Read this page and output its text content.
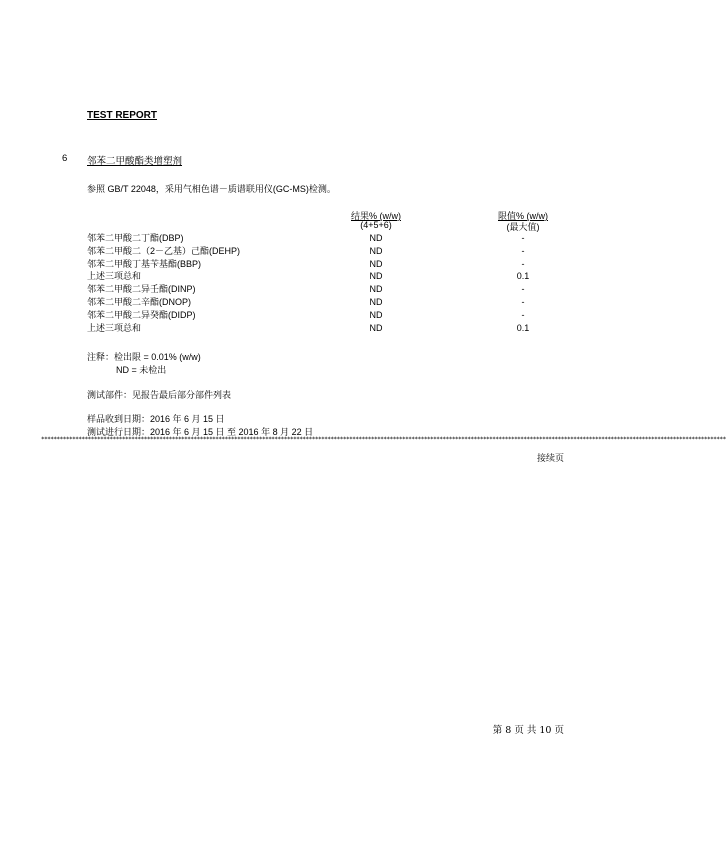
TEST REPORT
6 邻苯二甲酸酯类增塑剂
参照 GB/T 22048，采用气相色谱－质谱联用仪(GC-MS)检测。
结果% (w/w)
(4+5+6)
限值% (w/w)
(最大值)
邻苯二甲酸二丁酯(DBP)	ND	-
邻苯二甲酸二（2－乙基）己酯(DEHP)	ND	-
邻苯二甲酸丁基苄基酯(BBP)	ND	-
上述三项总和	ND	0.1
邻苯二甲酸二异壬酯(DINP)	ND	-
邻苯二甲酸二辛酯(DNOP)	ND	-
邻苯二甲酸二异癸酯(DIDP)	ND	-
上述三项总和	ND	0.1
注释：检出限 = 0.01% (w/w)
ND = 未检出
测试部件：见报告最后部分部件列表
样品收到日期：2016 年 6 月 15 日
测试进行日期：2016 年 6 月 15 日 至 2016 年 8 月 22 日
****************************************************************************************************************************************************************************************************************************
接续页
第 8 页 共 10 页
